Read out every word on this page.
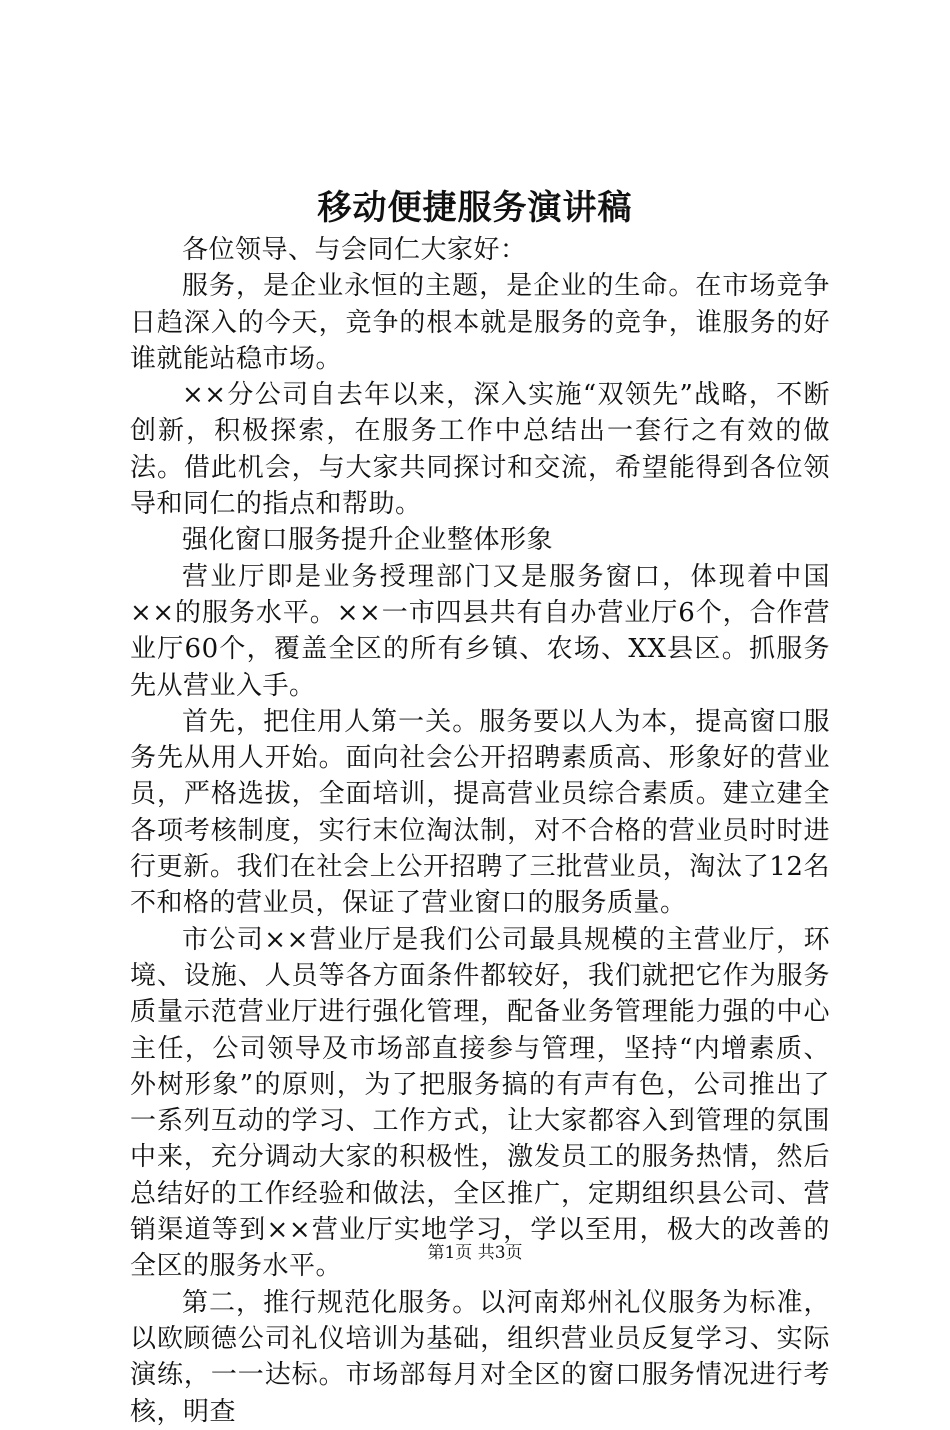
移动便捷服务演讲稿

各位领导、与会同仁大家好：

服务，是企业永恒的主题，是企业的生命。在市场竞争日趋深入的今天，竞争的根本就是服务的竞争，谁服务的好谁就能站稳市场。

××分公司自去年以来，深入实施“双领先”战略，不断创新，积极探索，在服务工作中总结出一套行之有效的做法。借此机会，与大家共同探讨和交流，希望能得到各位领导和同仁的指点和帮助。

强化窗口服务提升企业整体形象

营业厅即是业务授理部门又是服务窗口，体现着中国××的服务水平。××一市四县共有自办营业厅6个，合作营业厅60个，覆盖全区的所有乡镇、农场、XX县区。抓服务先从营业入手。

首先，把住用人第一关。服务要以人为本，提高窗口服务先从用人开始。面向社会公开招聘素质高、形象好的营业员，严格选拔，全面培训，提高营业员综合素质。建立建全各项考核制度，实行末位淘汰制，对不合格的营业员时时进行更新。我们在社会上公开招聘了三批营业员，淘汰了12名不和格的营业员，保证了营业窗口的服务质量。

市公司××营业厅是我们公司最具规模的主营业厅，环境、设施、人员等各方面条件都较好，我们就把它作为服务质量示范营业厅进行强化管理，配备业务管理能力强的中心主任，公司领导及市场部直接参与管理，坚持“内增素质、外树形象”的原则，为了把服务搞的有声有色，公司推出了一系列互动的学习、工作方式，让大家都容入到管理的氛围中来，充分调动大家的积极性，激发员工的服务热情，然后总结好的工作经验和做法，全区推广，定期组织县公司、营销渠道等到××营业厅实地学习，学以至用，极大的改善的全区的服务水平。

第二，推行规范化服务。以河南郑州礼仪服务为标准，以欧顾德公司礼仪培训为基础，组织营业员反复学习、实际演练，一一达标。市场部每月对全区的窗口服务情况进行考核，明查

第1页 共3页
